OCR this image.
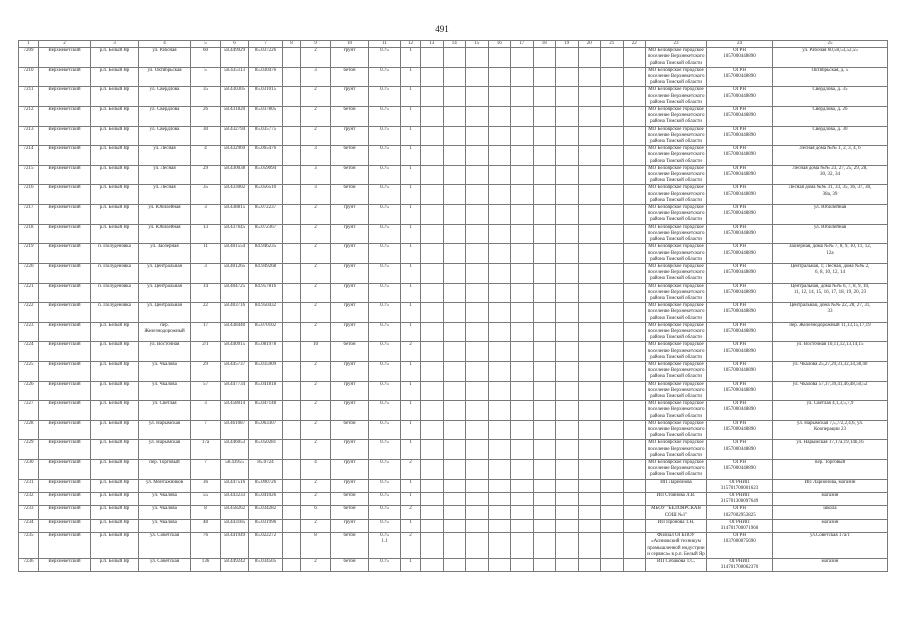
491
1	2	3	4	5	6	7	8	9	10	11	12	13	14	15	16	17	18	19	20	21	22	23	24	25
7209	Верхнекетский	р.п. Белый Яр	ул. Рабочая	60	58.449929	85.037226		2	грунт	0.75	1											МО Белоярское городское
поселение Верхнекетского
района Томской области	ОГРН
1057000448890	ул. Рабочая 60,58,53,52,55
7210	Верхнекетский	р.п. Белый Яр	ул. Октябрьская	5	58.435113	85.030476		3	бетон	0.75	1											МО Белоярское городское
поселение Верхнекетского
района Томской области	ОГРН
1057000448890	Октябрьская, д. 5
7211	Верхнекетский	р.п. Белый Яр	ул. Свердлова	35	58.430305	85.031015		2	грунт	0.75	1											МО Белоярское городское
поселение Верхнекетского
района Томской области	ОГРН
1057000448890	Свердлова, д. 35
7212	Верхнекетский	р.п. Белый Яр	ул. Свердлова	26	58.431820	85.037805		2	бетон	0.75	1											МО Белоярское городское
поселение Верхнекетского
района Томской области	ОГРН
1057000448890	Свердлова, д. 26
7213	Верхнекетский	р.п. Белый Яр	ул. Свердлова	30	58.432794	85.035775		2	грунт	0.75	1											МО Белоярское городское
поселение Верхнекетского
района Томской области	ОГРН
1057000448890	Свердлова, д. 30
7214	Верхнекетский	р.п. Белый Яр	ул. Лесная	4	58.432969	85.065476		3	бетон	0.75	1											МО Белоярское городское
поселение Верхнекетского
района Томской области	ОГРН
1057000448890	Лесная дома №№ 1, 2, 3, 4, 6
7215	Верхнекетский	р.п. Белый Яр	ул. Лесная	29	58.430038	85.059094		3	бетон	0.75	1											МО Белоярское городское
поселение Верхнекетского
района Томской области	ОГРН
1057000448890	Лесная дома №№ 23, 27, 25, 29, 28,
30, 32, 34
7216	Верхнекетский	р.п. Белый Яр	ул. Лесная	35	58.433002	85.056510		3	бетон	0.75	1											МО Белоярское городское
поселение Верхнекетского
района Томской области	ОГРН
1057000448890	Лесная дома №№ 31, 33, 35, 36, 37, 38,
38а, 39
7217	Верхнекетский	р.п. Белый Яр	ул. Юбилейная	3	58.438815	85.072237		2	грунт	0.75	1											МО Белоярское городское
поселение Верхнекетского
района Томской области	ОГРН
1057000448890	ул. Юбилейная
7218	Верхнекетский	р.п. Белый Яр	ул. Юбилейная	13	58.437645	85.072367		2	грунт	0.75	1											МО Белоярское городское
поселение Верхнекетского
района Томской области	ОГРН
1057000448890	ул. Юбилейная
7219	Верхнекетский	п. Полуденовка	ул. Заозерная	11	58.401554	84.946235		2	грунт	0.75	1											МО Белоярское городское
поселение Верхнекетского
района Томской области	ОГРН
1057000448890	Заозерная, дома №№ 7, 8, 9, 10, 11, 12,
12а
7220	Верхнекетский	п. Полуденовка	ул. Центральная	3	58.401265	84.949268		2	грунт	0.75	1											МО Белоярское городское
поселение Верхнекетского
района Томской области	ОГРН
1057000448890	Центральная, 1; Лесная, дома №№ 2,
6, 8, 10, 12, 14
7221	Верхнекетский	п. Полуденовка	ул. Центральная	14	58.404725	84.957816		2	грунт	0.75	1											МО Белоярское городское
поселение Верхнекетского
района Томской области	ОГРН
1057000448890	Центральная, дома №№ 6, 7, 8, 9, 10,
11, 12, 14, 15, 16, 17, 18, 19, 20, 23
7222	Верхнекетский	п. Полуденовка	ул. Центральная	22	58.403716	84.950432		2	грунт	0.75	1											МО Белоярское городское
поселение Верхнекетского
района Томской области	ОГРН
1057000448890	Центральная, дома №№ 22, 28, 27, 31,
33
7223	Верхнекетский	р.п. Белый Яр	пер.
Железнодорожный	17	58.438440	85.070102		2	грунт	0.75	1											МО Белоярское городское
поселение Верхнекетского
района Томской области	ОГРН
1057000448890	пер. Железнодорожный 11,13,15,17,19
7224	Верхнекетский	р.п. Белый Яр	ул. Восточная	2/1	58.440915	85.081978		10	бетон	0.75	2											МО Белоярское городское
поселение Верхнекетского
района Томской области	ОГРН
1057000448890	ул. Восточная 10,11,12,13,14,15
7225	Верхнекетский	р.п. Белый Яр	ул. Чкалова	29	58.445737	85.035909		2	грунт	0.75	1											МО Белоярское городское
поселение Верхнекетского
района Томской области	ОГРН
1057000448890	ул. Чкалова 25,27,29,31,32,34,38,40
7226	Верхнекетский	р.п. Белый Яр	ул. Чкалова	57	58.447734	85.041818		2	грунт	0.75	1											МО Белоярское городское
поселение Верхнекетского
района Томской области	ОГРН
1057000448890	ул. Чкалова 57,37,39,41,46,48,50,52
7227	Верхнекетский	р.п. Белый Яр	ул. Светлая	3	58.458014	85.047148		2	грунт	0.75	1											МО Белоярское городское
поселение Верхнекетского
района Томской области	ОГРН
1057000448890	ул. Светлая 4,1,3,5,7,9
7228	Верхнекетский	р.п. Белый Яр	ул. Нарымская	7	58.461087	85.063307		2	бетон	0.75	1											МО Белоярское городское
поселение Верхнекетского
района Томской области	ОГРН
1057000448890	ул. Нарымская 7,5,7/2,2,4,6, ул.
Кооперации 23
7229	Верхнекетский	р.п. Белый Яр	ул. Нарымская	17а	58.446053	85.050281		2	грунт	0.75	1											МО Белоярское городское
поселение Верхнекетского
района Томской области	ОГРН
1057000448890	ул. Нарымская 17,17а,19,14б,16
7230	Верхнекетский	р.п. Белый Яр	пер. Торговый	7	58.43955	85.0724		4	грунт	0.75	2											МО Белоярское городское
поселение Верхнекетского
района Томской области	ОГРН
1057000448890	пер. Торговый
7231	Верхнекетский	р.п. Белый Яр	ул. Монтажников	36	58.447516	85.090726		2	грунт	0.75	1											ИП Ларионова	ОГРНИП
315701700001623	ИП Ларионова, магазин
7232	Верхнекетский	р.п. Белый Яр	ул. Чкалова	55	58.443233	85.041026		2	бетон	0.75	1											ИП Стоянова Л.В.	ОГРНИП
315701300097649	магазин
7233	Верхнекетский	р.п. Белый Яр	ул. Чкалова	8	58.458262	85.034282		6	бетон	0.75	2											МБОУ "БЕЛОЯРСКАЯ
СОШ №1"	ОГРН
1027002953825	школа
7234	Верхнекетский	р.п. Белый Яр	ул. Чкалова	48	58.443185	85.031996		2	грунт	0.75	1											ИП Пронова Т.Н.	ОГРНИП
314701700071960	магазин
7235	Верхнекетский	р.п. Белый Яр	ул. Советская	76	58.441949	85.022272		8	бетон	0.75
1.1	2											Филиал ОГБПОУ
«Асиновский техникум
промышленной индустрии
и сервиса» в р.п. Белый Яр	ОГРН
1037000075690	ул.Советская 17а/1
7236	Верхнекетский	р.п. Белый Яр	ул. Советская	136	58.449242	85.034505		2	бетон	0.75	1											ИП Собакова Т.С.	ОГРНИП
314701700062370	магазин
